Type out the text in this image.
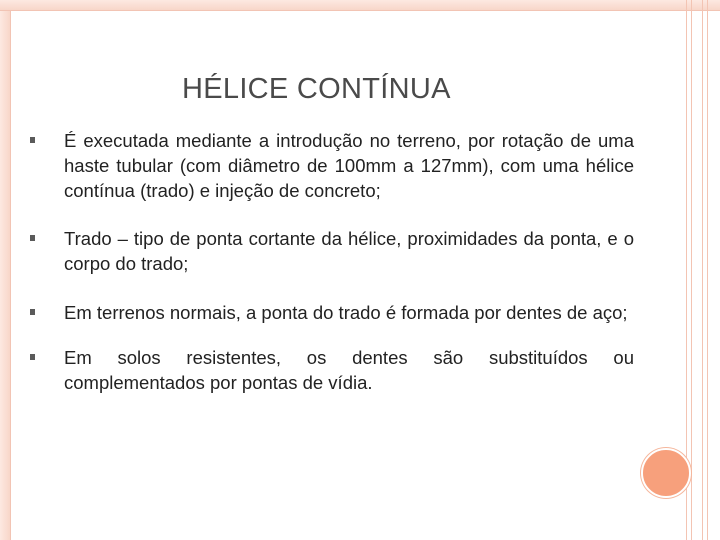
HÉLICE CONTÍNUA
É executada mediante a introdução no terreno, por rotação de uma haste tubular (com diâmetro de 100mm a 127mm), com uma hélice contínua (trado) e injeção de concreto;
Trado – tipo de ponta cortante da hélice, proximidades da ponta, e o corpo do trado;
Em terrenos normais, a ponta do trado é formada por dentes de aço;
Em solos resistentes, os dentes são substituídos ou complementados por pontas de vídia.
